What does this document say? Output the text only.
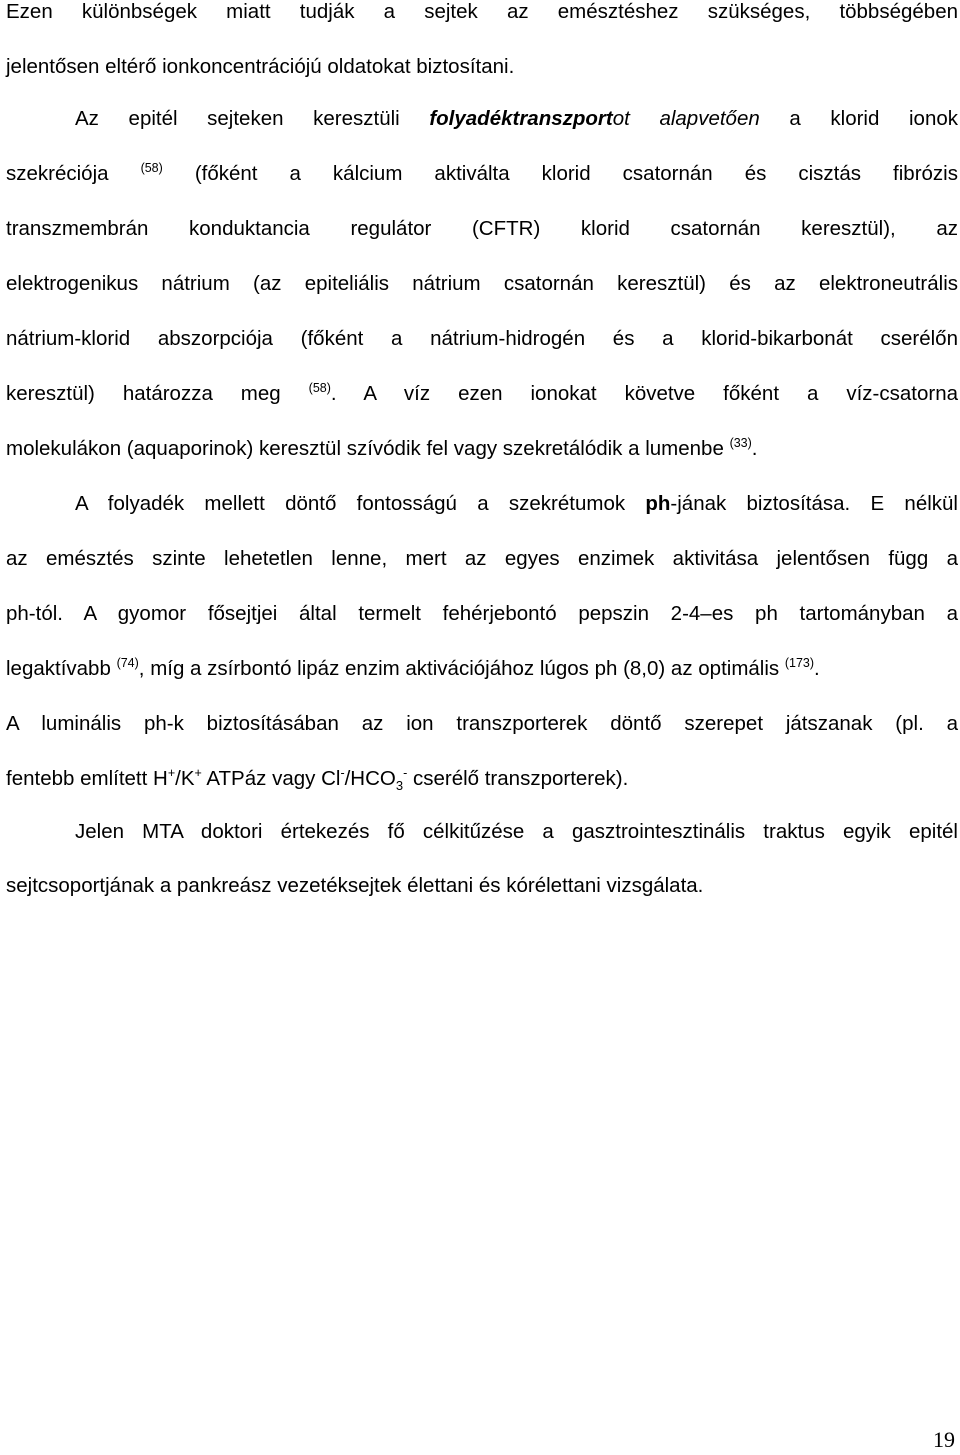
Ezen különbségek miatt tudják a sejtek az emésztéshez szükséges, többségében
jelentősen eltérő ionkoncentrációjú oldatokat biztosítani.
Az epitél sejteken keresztüli folyadéktranszportot alapvetően a klorid ionok
szekréciója $^{(58)}$ (főként a kálcium aktiválta klorid csatornán és cisztás fibrózis
transzmembrán konduktancia regulátor (CFTR) klorid csatornán keresztül), az
elektrogenikus nátrium (az epiteliális nátrium csatornán keresztül) és az elektroneutrális
nátrium-klorid abszorpciója (főként a nátrium-hidrogén és a klorid-bikarbonát cserélőn
keresztül) határozza meg $^{(58)}$. A víz ezen ionokat követve főként a víz-csatorna
molekulákon (aquaporinok) keresztül szívódik fel vagy szekretálódik a lumenbe $^{(33)}$.
A folyadék mellett döntő fontosságú a szekrétumok ph-jának biztosítása. E nélkül
az emésztés szinte lehetetlen lenne, mert az egyes enzimek aktivitása jelentősen függ a
ph-tól. A gyomor fősejtjei által termelt fehérjebontó pepszin 2-4–es ph tartományban a
legaktívabb $^{(74)}$, míg a zsírbontó lipáz enzim aktivációjához lúgos ph (8,0) az optimális $^{(173)}$.
A luminális ph-k biztosításában az ion transzporterek döntő szerepet játszanak (pl. a
fentebb említett H+/K+ ATPáz vagy $Cl^-/HCO_3^-$ cserélő transzporterek).
Jelen MTA doktori értekezés fő célkitűzése a gasztrointesztinális traktus egyik epitél
sejtcsoportjának a pankreász vezetéksejtek élettani és kórélettani vizsgálata.
19
